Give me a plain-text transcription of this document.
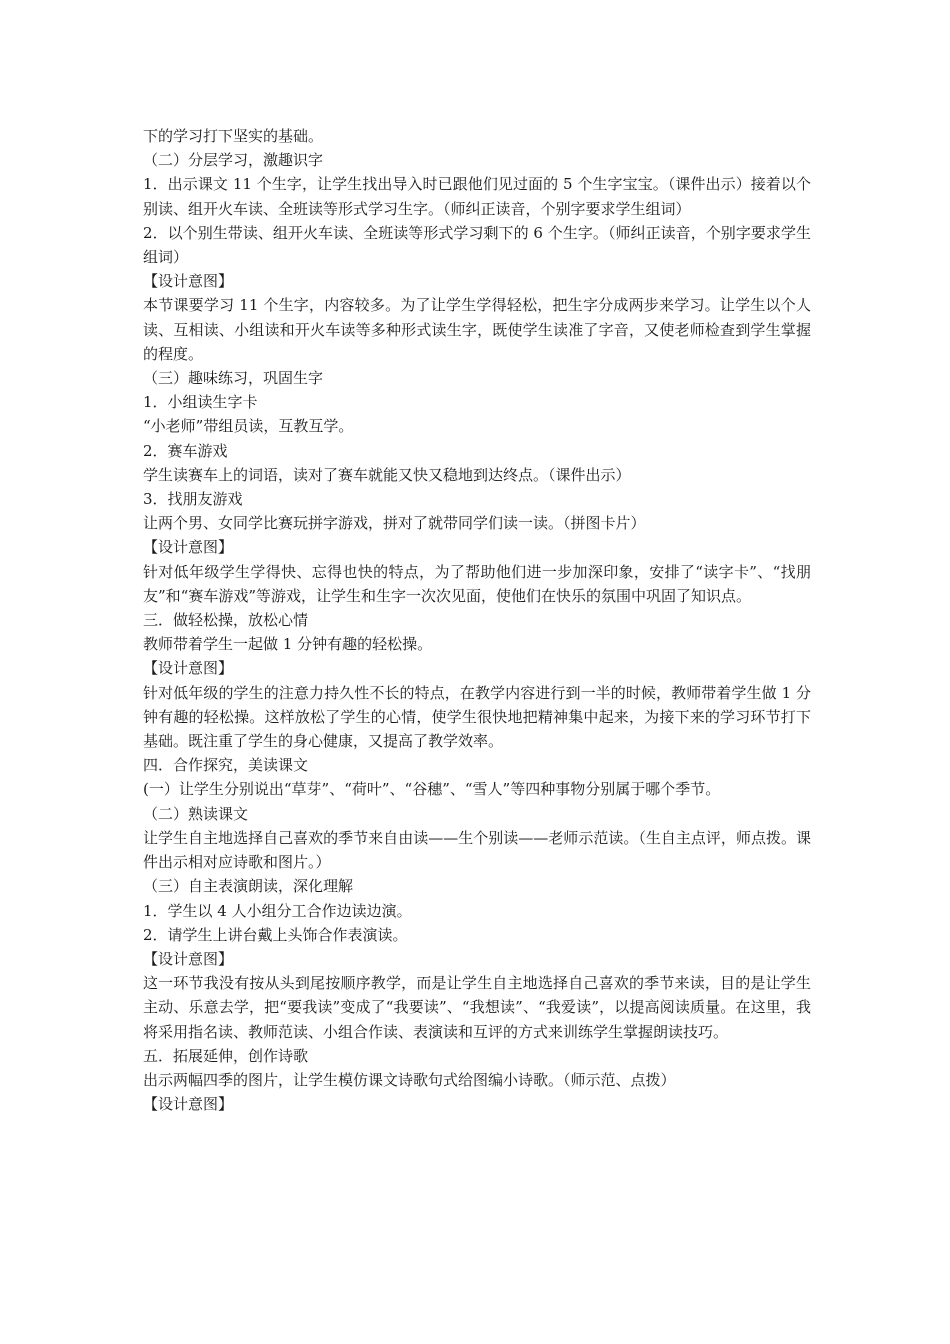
下的学习打下坚实的基础。

（二）分层学习，激趣识字

1．出示课文 11 个生字，让学生找出导入时已跟他们见过面的 5 个生字宝宝。（课件出示）接着以个别读、组开火车读、全班读等形式学习生字。（师纠正读音，个别字要求学生组词）

2．以个别生带读、组开火车读、全班读等形式学习剩下的 6 个生字。（师纠正读音，个别字要求学生组词）

【设计意图】

本节课要学习 11 个生字，内容较多。为了让学生学得轻松，把生字分成两步来学习。让学生以个人读、互相读、小组读和开火车读等多种形式读生字，既使学生读准了字音，又使老师检查到学生掌握的程度。

（三）趣味练习，巩固生字

1．小组读生字卡

“小老师”带组员读，互教互学。

2．赛车游戏

学生读赛车上的词语，读对了赛车就能又快又稳地到达终点。（课件出示）

3．找朋友游戏

让两个男、女同学比赛玩拼字游戏，拼对了就带同学们读一读。（拼图卡片）

【设计意图】

针对低年级学生学得快、忘得也快的特点，为了帮助他们进一步加深印象，安排了“读字卡”、“找朋友”和“赛车游戏”等游戏，让学生和生字一次次见面，使他们在快乐的氛围中巩固了知识点。

三．做轻松操，放松心情

教师带着学生一起做 1 分钟有趣的轻松操。

【设计意图】

针对低年级的学生的注意力持久性不长的特点，在教学内容进行到一半的时候，教师带着学生做 1 分钟有趣的轻松操。这样放松了学生的心情，使学生很快地把精神集中起来，为接下来的学习环节打下基础。既注重了学生的身心健康，又提高了教学效率。

四．合作探究，美读课文

(一）让学生分别说出“草芽”、“荷叶”、“谷穗”、“雪人”等四种事物分别属于哪个季节。

（二）熟读课文

让学生自主地选择自己喜欢的季节来自由读——生个别读——老师示范读。（生自主点评，师点拨。课件出示相对应诗歌和图片。）

（三）自主表演朗读，深化理解

1．学生以 4 人小组分工合作边读边演。

2．请学生上讲台戴上头饰合作表演读。

【设计意图】

这一环节我没有按从头到尾按顺序教学，而是让学生自主地选择自己喜欢的季节来读，目的是让学生主动、乐意去学，把“要我读”变成了“我要读”、“我想读”、“我爱读”，以提高阅读质量。在这里，我将采用指名读、教师范读、小组合作读、表演读和互评的方式来训练学生掌握朗读技巧。

五．拓展延伸，创作诗歌

出示两幅四季的图片，让学生模仿课文诗歌句式给图编小诗歌。（师示范、点拨）

【设计意图】
